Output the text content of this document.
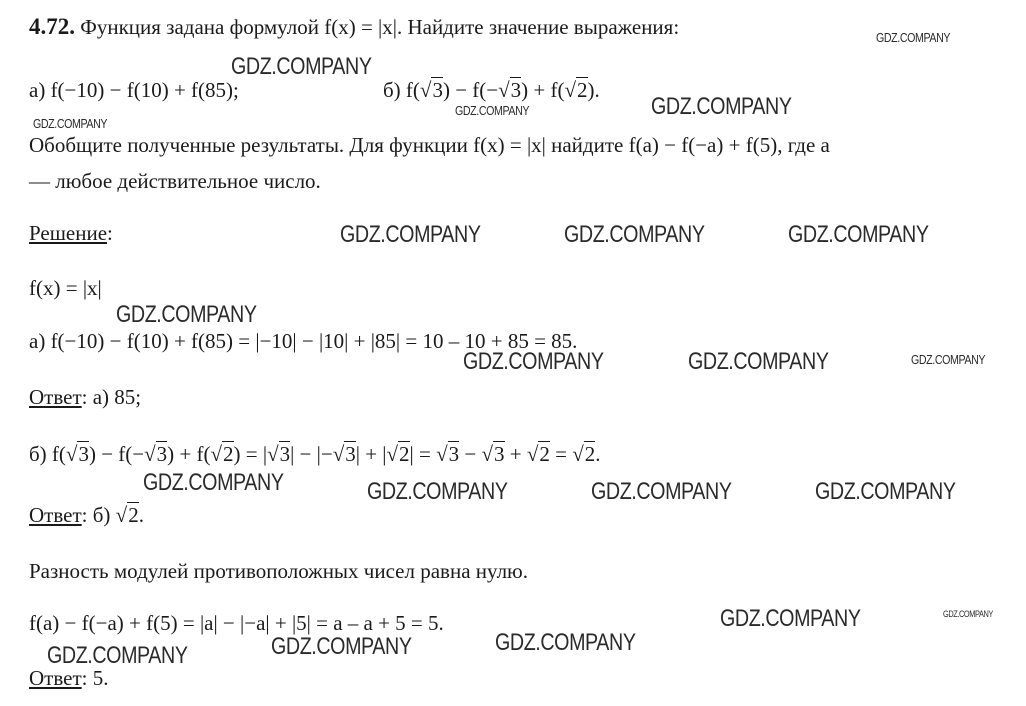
4.72. Функция задана формулой f(x) = |x|. Найдите значение выражения:
а) f(−10) − f(10) + f(85);	б) f(√3) − f(−√3) + f(√2).
Обобщите полученные результаты. Для функции f(x) = |x| найдите f(a) − f(−a) + f(5), где a
— любое действительное число.
Решение:
f(x) = |x|
а) f(−10) − f(10) + f(85) = |−10| − |10| + |85| = 10 – 10 + 85 = 85.
Ответ: а) 85;
б) f(√3) − f(−√3) + f(√2) = |√3| − |−√3| + |√2| = √3 − √3 + √2 = √2.
Ответ: б) √2.
Разность модулей противоположных чисел равна нулю.
f(a) − f(−a) + f(5) = |a| − |−a| + |5| = a – a + 5 = 5.
Ответ: 5.
GDZ.COMPANY
GDZ.COMPANY
GDZ.COMPANY	GDZ.COMPANY
GDZ.COMPANY
GDZ.COMPANY	GDZ.COMPANY	GDZ.COMPANY
GDZ.COMPANY
GDZ.COMPANY	GDZ.COMPANY	GDZ.COMPANY
GDZ.COMPANY	GDZ.COMPANY	GDZ.COMPANY	GDZ.COMPANY
GDZ.COMPANY	GDZ.COMPANY
GDZ.COMPANY
GDZ.COMPANY
GDZ.COMPANY
